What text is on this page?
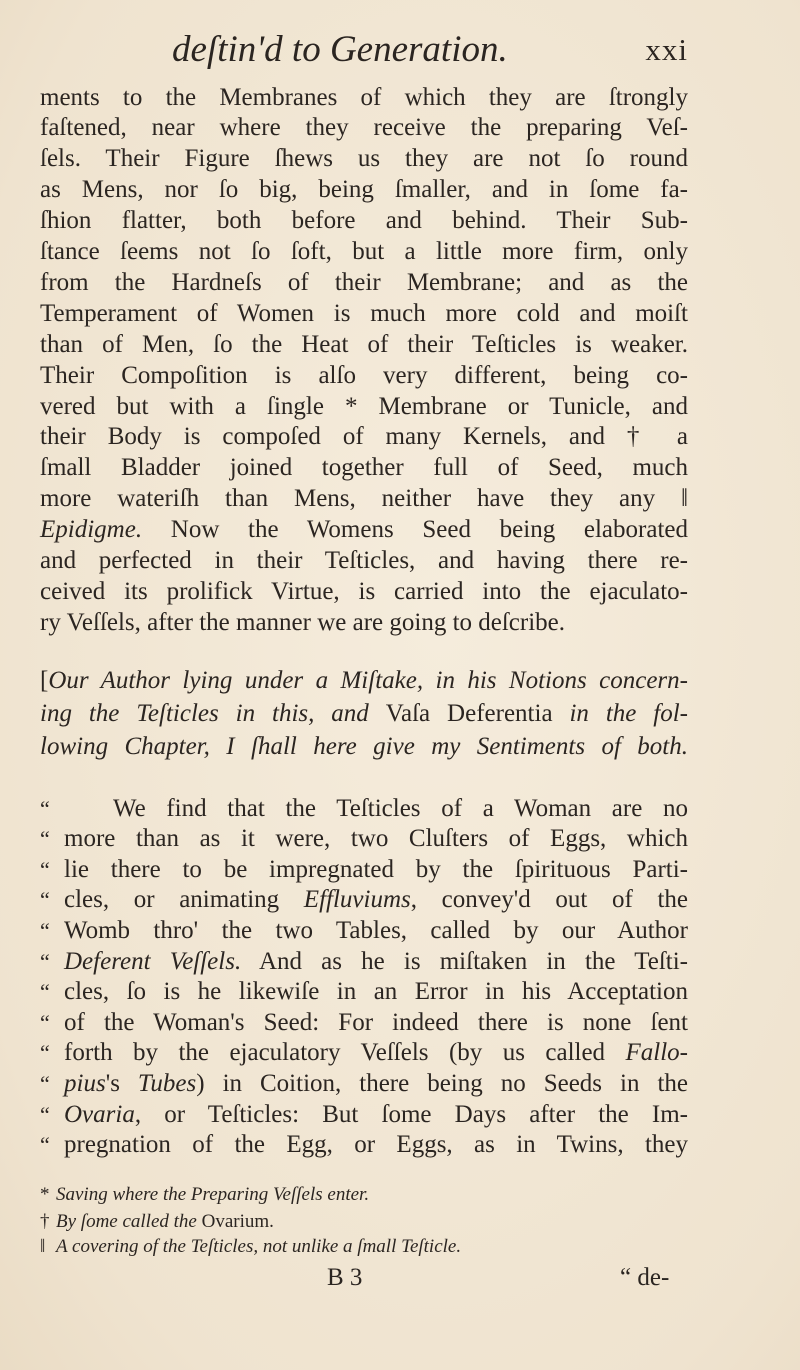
deſtin'd to Generation.	xxi
ments to the Membranes of which they are ſtrongly
faſtened, near where they receive the preparing Veſ-
ſels. Their Figure ſhews us they are not ſo round
as Mens, nor ſo big, being ſmaller, and in ſome fa-
ſhion flatter, both before and behind. Their Sub-
ſtance ſeems not ſo ſoft, but a little more firm, only
from the Hardneſs of their Membrane; and as the
Temperament of Women is much more cold and moiſt
than of Men, ſo the Heat of their Teſticles is weaker.
Their Compoſition is alſo very different, being co-
vered but with a ſingle * Membrane or Tunicle, and
their Body is compoſed of many Kernels, and † a
ſmall Bladder joined together full of Seed, much
more wateriſh than Mens, neither have they any ‖
Epidigme. Now the Womens Seed being elaborated
and perfected in their Teſticles, and having there re-
ceived its prolifick Virtue, is carried into the ejaculato-
ry Veſſels, after the manner we are going to deſcribe.
[Our Author lying under a Miſtake, in his Notions concern-
ing the Teſticles in this, and Vaſa Deferentia in the fol-
lowing Chapter, I ſhall here give my Sentiments of both.
We find that the Teſticles of a Woman are no
“
more than as it were, two Cluſters of Eggs, which
“
lie there to be impregnated by the ſpirituous Parti-
“
cles, or animating Effluviums, convey'd out of the
“
Womb thro' the two Tables, called by our Author
“
Deferent Veſſels. And as he is miſtaken in the Teſti-
“
cles, ſo is he likewiſe in an Error in his Acceptation
“
of the Woman's Seed: For indeed there is none ſent
“
forth by the ejaculatory Veſſels (by us called Fallo-
“
pius's Tubes) in Coition, there being no Seeds in the
“
Ovaria, or Teſticles: But ſome Days after the Im-
“
pregnation of the Egg, or Eggs, as in Twins, they
“
* Saving where the Preparing Veſſels enter.
† By ſome called the Ovarium.
‖ A covering of the Teſticles, not unlike a ſmall Teſticle.
B 3	“ de-
